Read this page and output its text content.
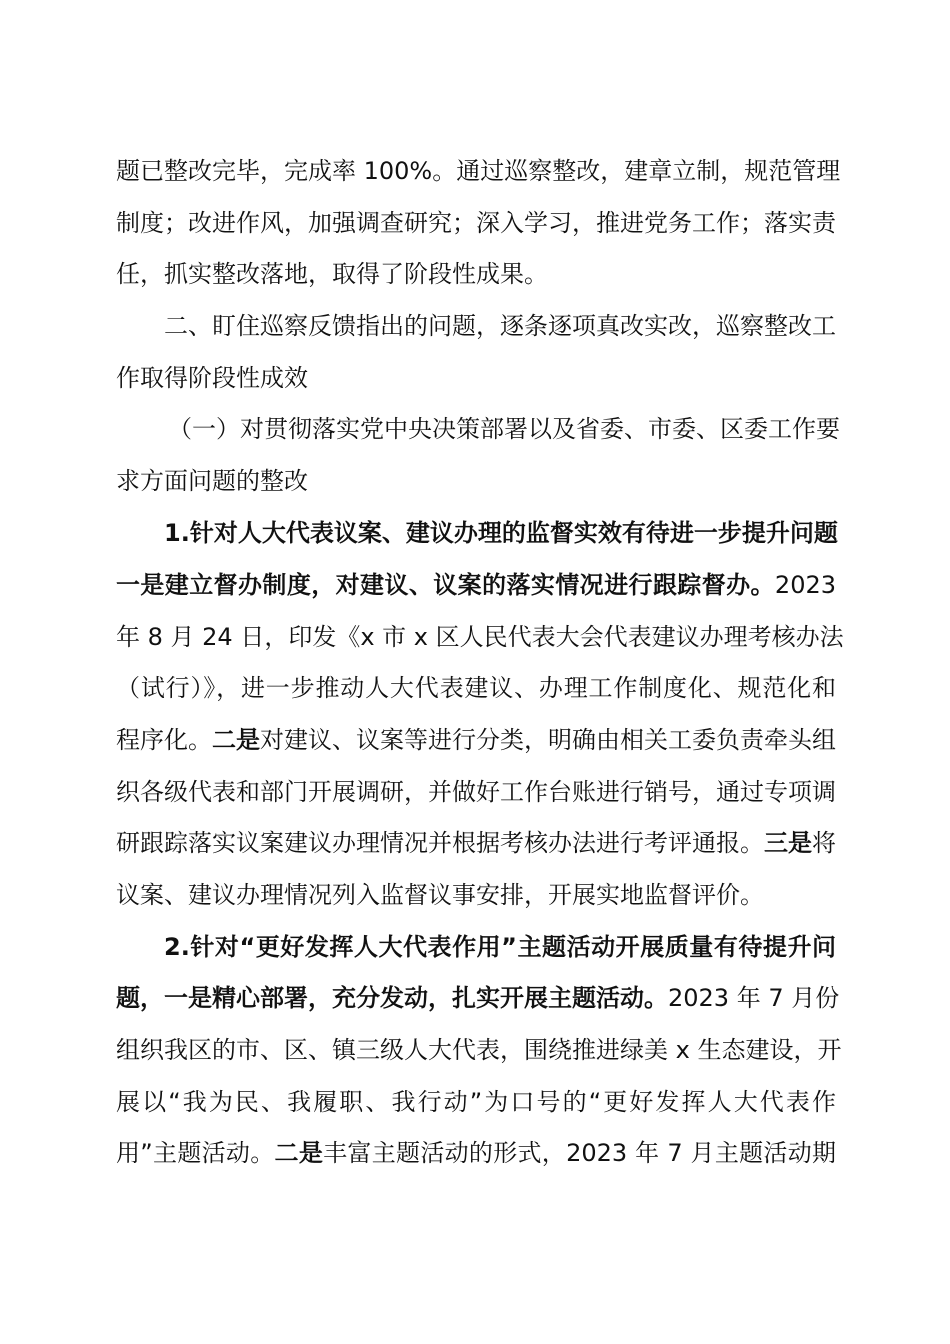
题已整改完毕，完成率 100%。通过巡察整改，建章立制，规范管理
制度；改进作风，加强调查研究；深入学习，推进党务工作；落实责
任，抓实整改落地，取得了阶段性成果。
二、盯住巡察反馈指出的问题，逐条逐项真改实改，巡察整改工
作取得阶段性成效
（一）对贯彻落实党中央决策部署以及省委、市委、区委工作要
求方面问题的整改
1.针对人大代表议案、建议办理的监督实效有待进一步提升问题
一是建立督办制度，对建议、议案的落实情况进行跟踪督办。2023
年 8 月 24 日，印发《x 市 x 区人民代表大会代表建议办理考核办法
（试行）》，进一步推动人大代表建议、办理工作制度化、规范化和
程序化。二是对建议、议案等进行分类，明确由相关工委负责牵头组
织各级代表和部门开展调研，并做好工作台账进行销号，通过专项调
研跟踪落实议案建议办理情况并根据考核办法进行考评通报。三是将
议案、建议办理情况列入监督议事安排，开展实地监督评价。
2.针对“更好发挥人大代表作用”主题活动开展质量有待提升问
题，一是精心部署，充分发动，扎实开展主题活动。2023 年 7 月份
组织我区的市、区、镇三级人大代表，围绕推进绿美 x 生态建设，开
展以“我为民、我履职、我行动”为口号的“更好发挥人大代表作
用”主题活动。二是丰富主题活动的形式，2023 年 7 月主题活动期
